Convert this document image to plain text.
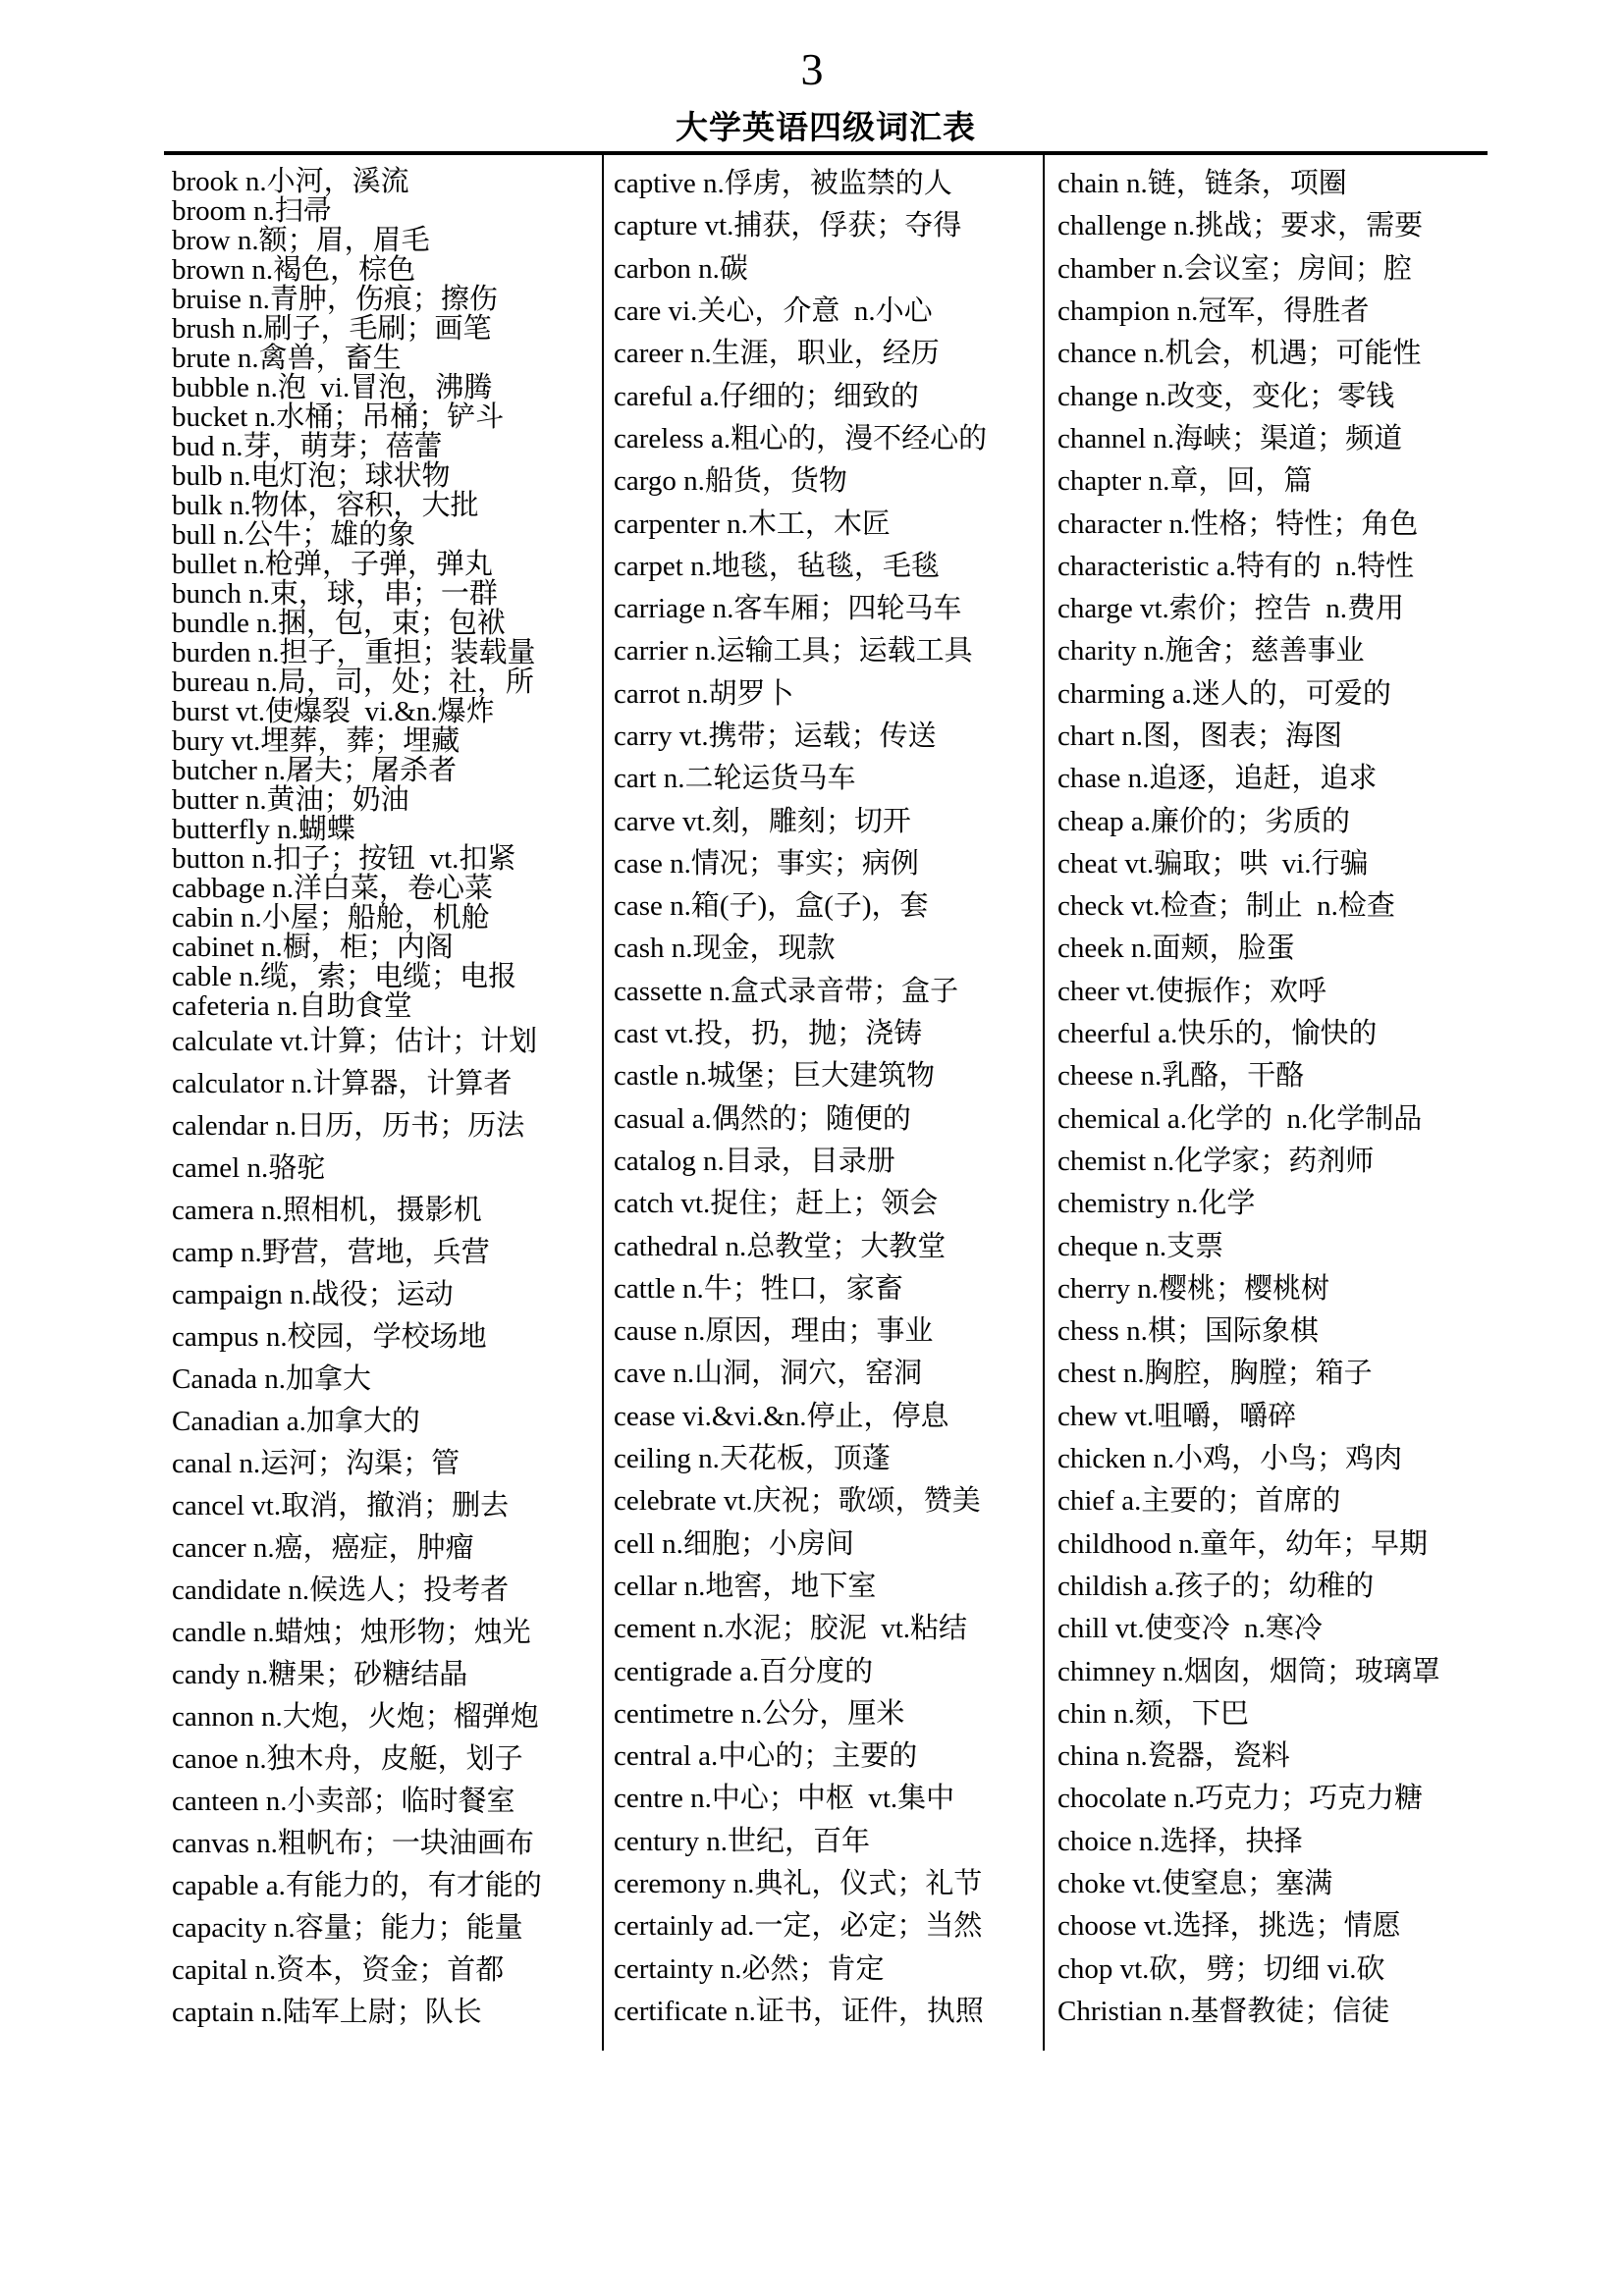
3
大学英语四级词汇表
brook n.小河，溪流
broom n.扫帚
brow n.额；眉，眉毛
brown n.褐色，棕色
bruise n.青肿，伤痕；擦伤
brush n.刷子，毛刷；画笔
brute n.禽兽，畜生
bubble n.泡  vi.冒泡，沸腾
bucket n.水桶；吊桶；铲斗
bud n.芽，萌芽；蓓蕾
bulb n.电灯泡；球状物
bulk n.物体，容积，大批
bull n.公牛；雄的象
bullet n.枪弹，子弹，弹丸
bunch n.束，球，串；一群
bundle n.捆，包，束；包袱
burden n.担子，重担；装载量
bureau n.局，司，处；社，所
burst vt.使爆裂  vi.&n.爆炸
bury vt.埋葬，葬；埋藏
butcher n.屠夫；屠杀者
butter n.黄油；奶油
butterfly n.蝴蝶
button n.扣子；按钮  vt.扣紧
cabbage n.洋白菜，卷心菜
cabin n.小屋；船舱，机舱
cabinet n.橱，柜；内阁
cable n.缆，索；电缆；电报
cafeteria n.自助食堂
calculate vt.计算；估计；计划
calculator n.计算器，计算者
calendar n.日历，历书；历法
camel n.骆驼
camera n.照相机，摄影机
camp n.野营，营地，兵营
campaign n.战役；运动
campus n.校园，学校场地
Canada n.加拿大
Canadian a.加拿大的
canal n.运河；沟渠；管
cancel vt.取消，撤消；删去
cancer n.癌，癌症，肿瘤
candidate n.候选人；投考者
candle n.蜡烛；烛形物；烛光
candy n.糖果；砂糖结晶
cannon n.大炮，火炮；榴弹炮
canoe n.独木舟，皮艇，划子
canteen n.小卖部；临时餐室
canvas n.粗帆布；一块油画布
capable a.有能力的，有才能的
capacity n.容量；能力；能量
capital n.资本，资金；首都
captain n.陆军上尉；队长
captive n.俘虏，被监禁的人
capture vt.捕获，俘获；夺得
carbon n.碳
care vi.关心，介意  n.小心
career n.生涯，职业，经历
careful a.仔细的；细致的
careless a.粗心的，漫不经心的
cargo n.船货，货物
carpenter n.木工，木匠
carpet n.地毯，毡毯，毛毯
carriage n.客车厢；四轮马车
carrier n.运输工具；运载工具
carrot n.胡罗卜
carry vt.携带；运载；传送
cart n.二轮运货马车
carve vt.刻，雕刻；切开
case n.情况；事实；病例
case n.箱(子)，盒(子)，套
cash n.现金，现款
cassette n.盒式录音带；盒子
cast vt.投，扔，抛；浇铸
castle n.城堡；巨大建筑物
casual a.偶然的；随便的
catalog n.目录，目录册
catch vt.捉住；赶上；领会
cathedral n.总教堂；大教堂
cattle n.牛；牲口，家畜
cause n.原因，理由；事业
cave n.山洞，洞穴，窑洞
cease vi.&vi.&n.停止，停息
ceiling n.天花板，顶蓬
celebrate vt.庆祝；歌颂，赞美
cell n.细胞；小房间
cellar n.地窖，地下室
cement n.水泥；胶泥  vt.粘结
centigrade a.百分度的
centimetre n.公分，厘米
central a.中心的；主要的
centre n.中心；中枢  vt.集中
century n.世纪，百年
ceremony n.典礼，仪式；礼节
certainly ad.一定，必定；当然
certainty n.必然；肯定
certificate n.证书，证件，执照
chain n.链，链条，项圈
challenge n.挑战；要求，需要
chamber n.会议室；房间；腔
champion n.冠军，得胜者
chance n.机会，机遇；可能性
change n.改变，变化；零钱
channel n.海峡；渠道；频道
chapter n.章，回，篇
character n.性格；特性；角色
characteristic a.特有的  n.特性
charge vt.索价；控告  n.费用
charity n.施舍；慈善事业
charming a.迷人的，可爱的
chart n.图，图表；海图
chase n.追逐，追赶，追求
cheap a.廉价的；劣质的
cheat vt.骗取；哄  vi.行骗
check vt.检查；制止  n.检查
cheek n.面颊，脸蛋
cheer vt.使振作；欢呼
cheerful a.快乐的，愉快的
cheese n.乳酪，干酪
chemical a.化学的  n.化学制品
chemist n.化学家；药剂师
chemistry n.化学
cheque n.支票
cherry n.樱桃；樱桃树
chess n.棋；国际象棋
chest n.胸腔，胸膛；箱子
chew vt.咀嚼，嚼碎
chicken n.小鸡，小鸟；鸡肉
chief a.主要的；首席的
childhood n.童年，幼年；早期
childish a.孩子的；幼稚的
chill vt.使变冷  n.寒冷
chimney n.烟囱，烟筒；玻璃罩
chin n.颏，下巴
china n.瓷器，瓷料
chocolate n.巧克力；巧克力糖
choice n.选择，抉择
choke vt.使窒息；塞满
choose vt.选择，挑选；情愿
chop vt.砍，劈；切细 vi.砍
Christian n.基督教徒；信徒
